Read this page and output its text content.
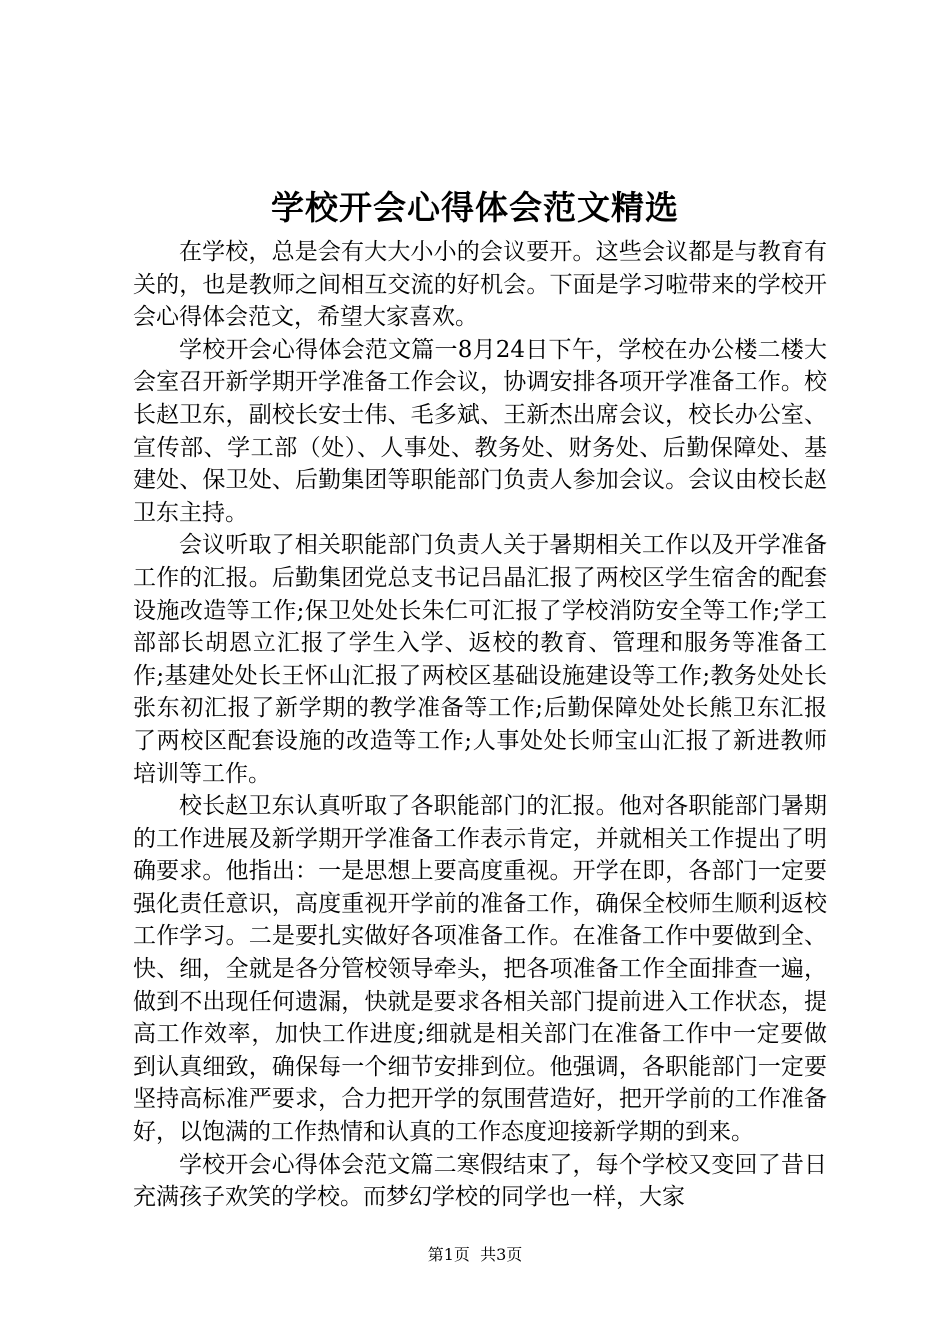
学校开会心得体会范文精选

在学校，总是会有大大小小的会议要开。这些会议都是与教育有关的，也是教师之间相互交流的好机会。下面是学习啦带来的学校开会心得体会范文，希望大家喜欢。

学校开会心得体会范文篇一8月24日下午，学校在办公楼二楼大会室召开新学期开学准备工作会议，协调安排各项开学准备工作。校长赵卫东，副校长安士伟、毛多斌、王新杰出席会议，校长办公室、宣传部、学工部（处）、人事处、教务处、财务处、后勤保障处、基建处、保卫处、后勤集团等职能部门负责人参加会议。会议由校长赵卫东主持。

会议听取了相关职能部门负责人关于暑期相关工作以及开学准备工作的汇报。后勤集团党总支书记吕晶汇报了两校区学生宿舍的配套设施改造等工作;保卫处处长朱仁可汇报了学校消防安全等工作;学工部部长胡恩立汇报了学生入学、返校的教育、管理和服务等准备工作;基建处处长王怀山汇报了两校区基础设施建设等工作;教务处处长张东初汇报了新学期的教学准备等工作;后勤保障处处长熊卫东汇报了两校区配套设施的改造等工作;人事处处长师宝山汇报了新进教师培训等工作。

校长赵卫东认真听取了各职能部门的汇报。他对各职能部门暑期的工作进展及新学期开学准备工作表示肯定，并就相关工作提出了明确要求。他指出：一是思想上要高度重视。开学在即，各部门一定要强化责任意识，高度重视开学前的准备工作，确保全校师生顺利返校工作学习。二是要扎实做好各项准备工作。在准备工作中要做到全、快、细，全就是各分管校领导牵头，把各项准备工作全面排查一遍，做到不出现任何遗漏，快就是要求各相关部门提前进入工作状态，提高工作效率，加快工作进度;细就是相关部门在准备工作中一定要做到认真细致，确保每一个细节安排到位。他强调，各职能部门一定要坚持高标准严要求，合力把开学的氛围营造好，把开学前的工作准备好，以饱满的工作热情和认真的工作态度迎接新学期的到来。

学校开会心得体会范文篇二寒假结束了，每个学校又变回了昔日充满孩子欢笑的学校。而梦幻学校的同学也一样，大家

第1页  共3页
